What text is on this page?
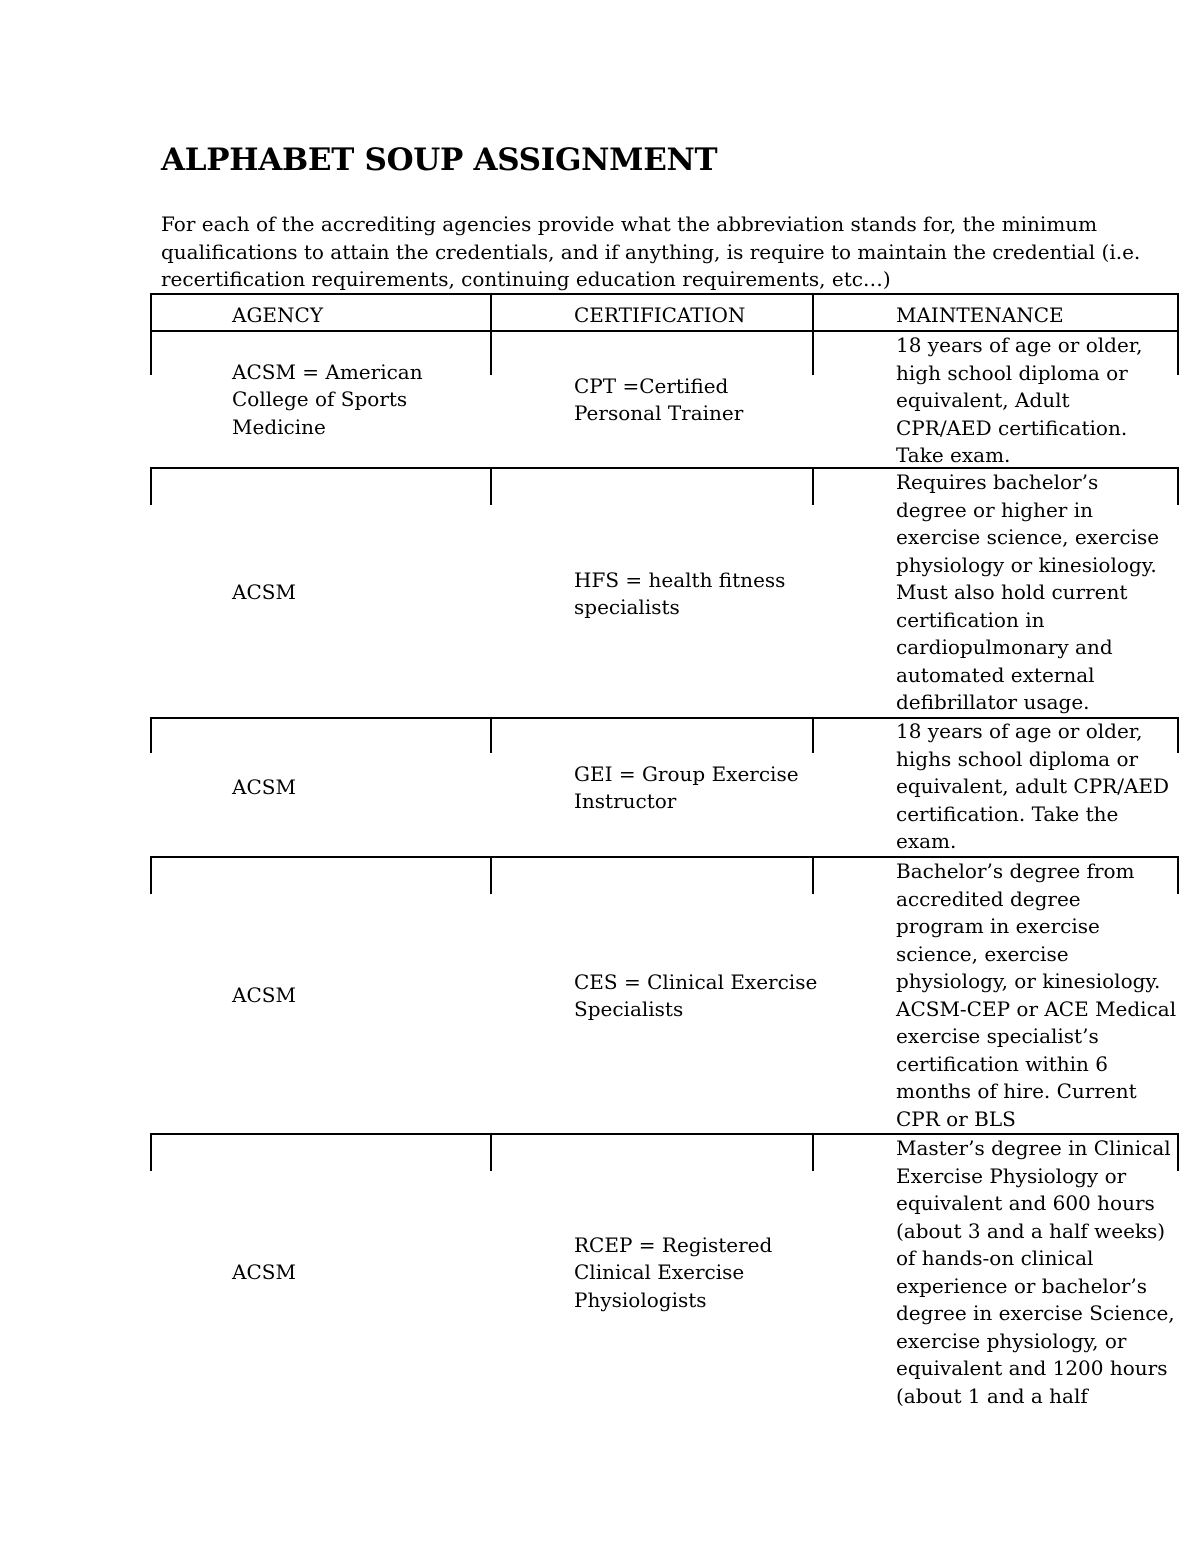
ALPHABET SOUP ASSIGNMENT
For each of the accrediting agencies provide what the abbreviation stands for, the minimum
qualifications to attain the credentials, and if anything, is require to maintain the credential (i.e.
recertification requirements, continuing education requirements, etc…)
AGENCY	CERTIFICATION	MAINTENANCE
ACSM = American
College of Sports
Medicine
CPT =Certified
Personal Trainer
18 years of age or older,
high school diploma or
equivalent, Adult
CPR/AED certification.
Take exam.
ACSM
HFS = health fitness
specialists
Requires bachelor’s
degree or higher in
exercise science, exercise
physiology or kinesiology.
Must also hold current
certification in
cardiopulmonary and
automated external
defibrillator usage.
ACSM
GEI = Group Exercise
Instructor
18 years of age or older,
highs school diploma or
equivalent, adult CPR/AED
certification. Take the
exam.
ACSM
CES = Clinical Exercise
Specialists
Bachelor’s degree from
accredited degree
program in exercise
science, exercise
physiology, or kinesiology.
ACSM-CEP or ACE Medical
exercise specialist’s
certification within 6
months of hire. Current
CPR or BLS
ACSM
RCEP = Registered
Clinical Exercise
Physiologists
Master’s degree in Clinical
Exercise Physiology or
equivalent and 600 hours
(about 3 and a half weeks)
of hands-on clinical
experience or bachelor’s
degree in exercise Science,
exercise physiology, or
equivalent and 1200 hours
(about 1 and a half
